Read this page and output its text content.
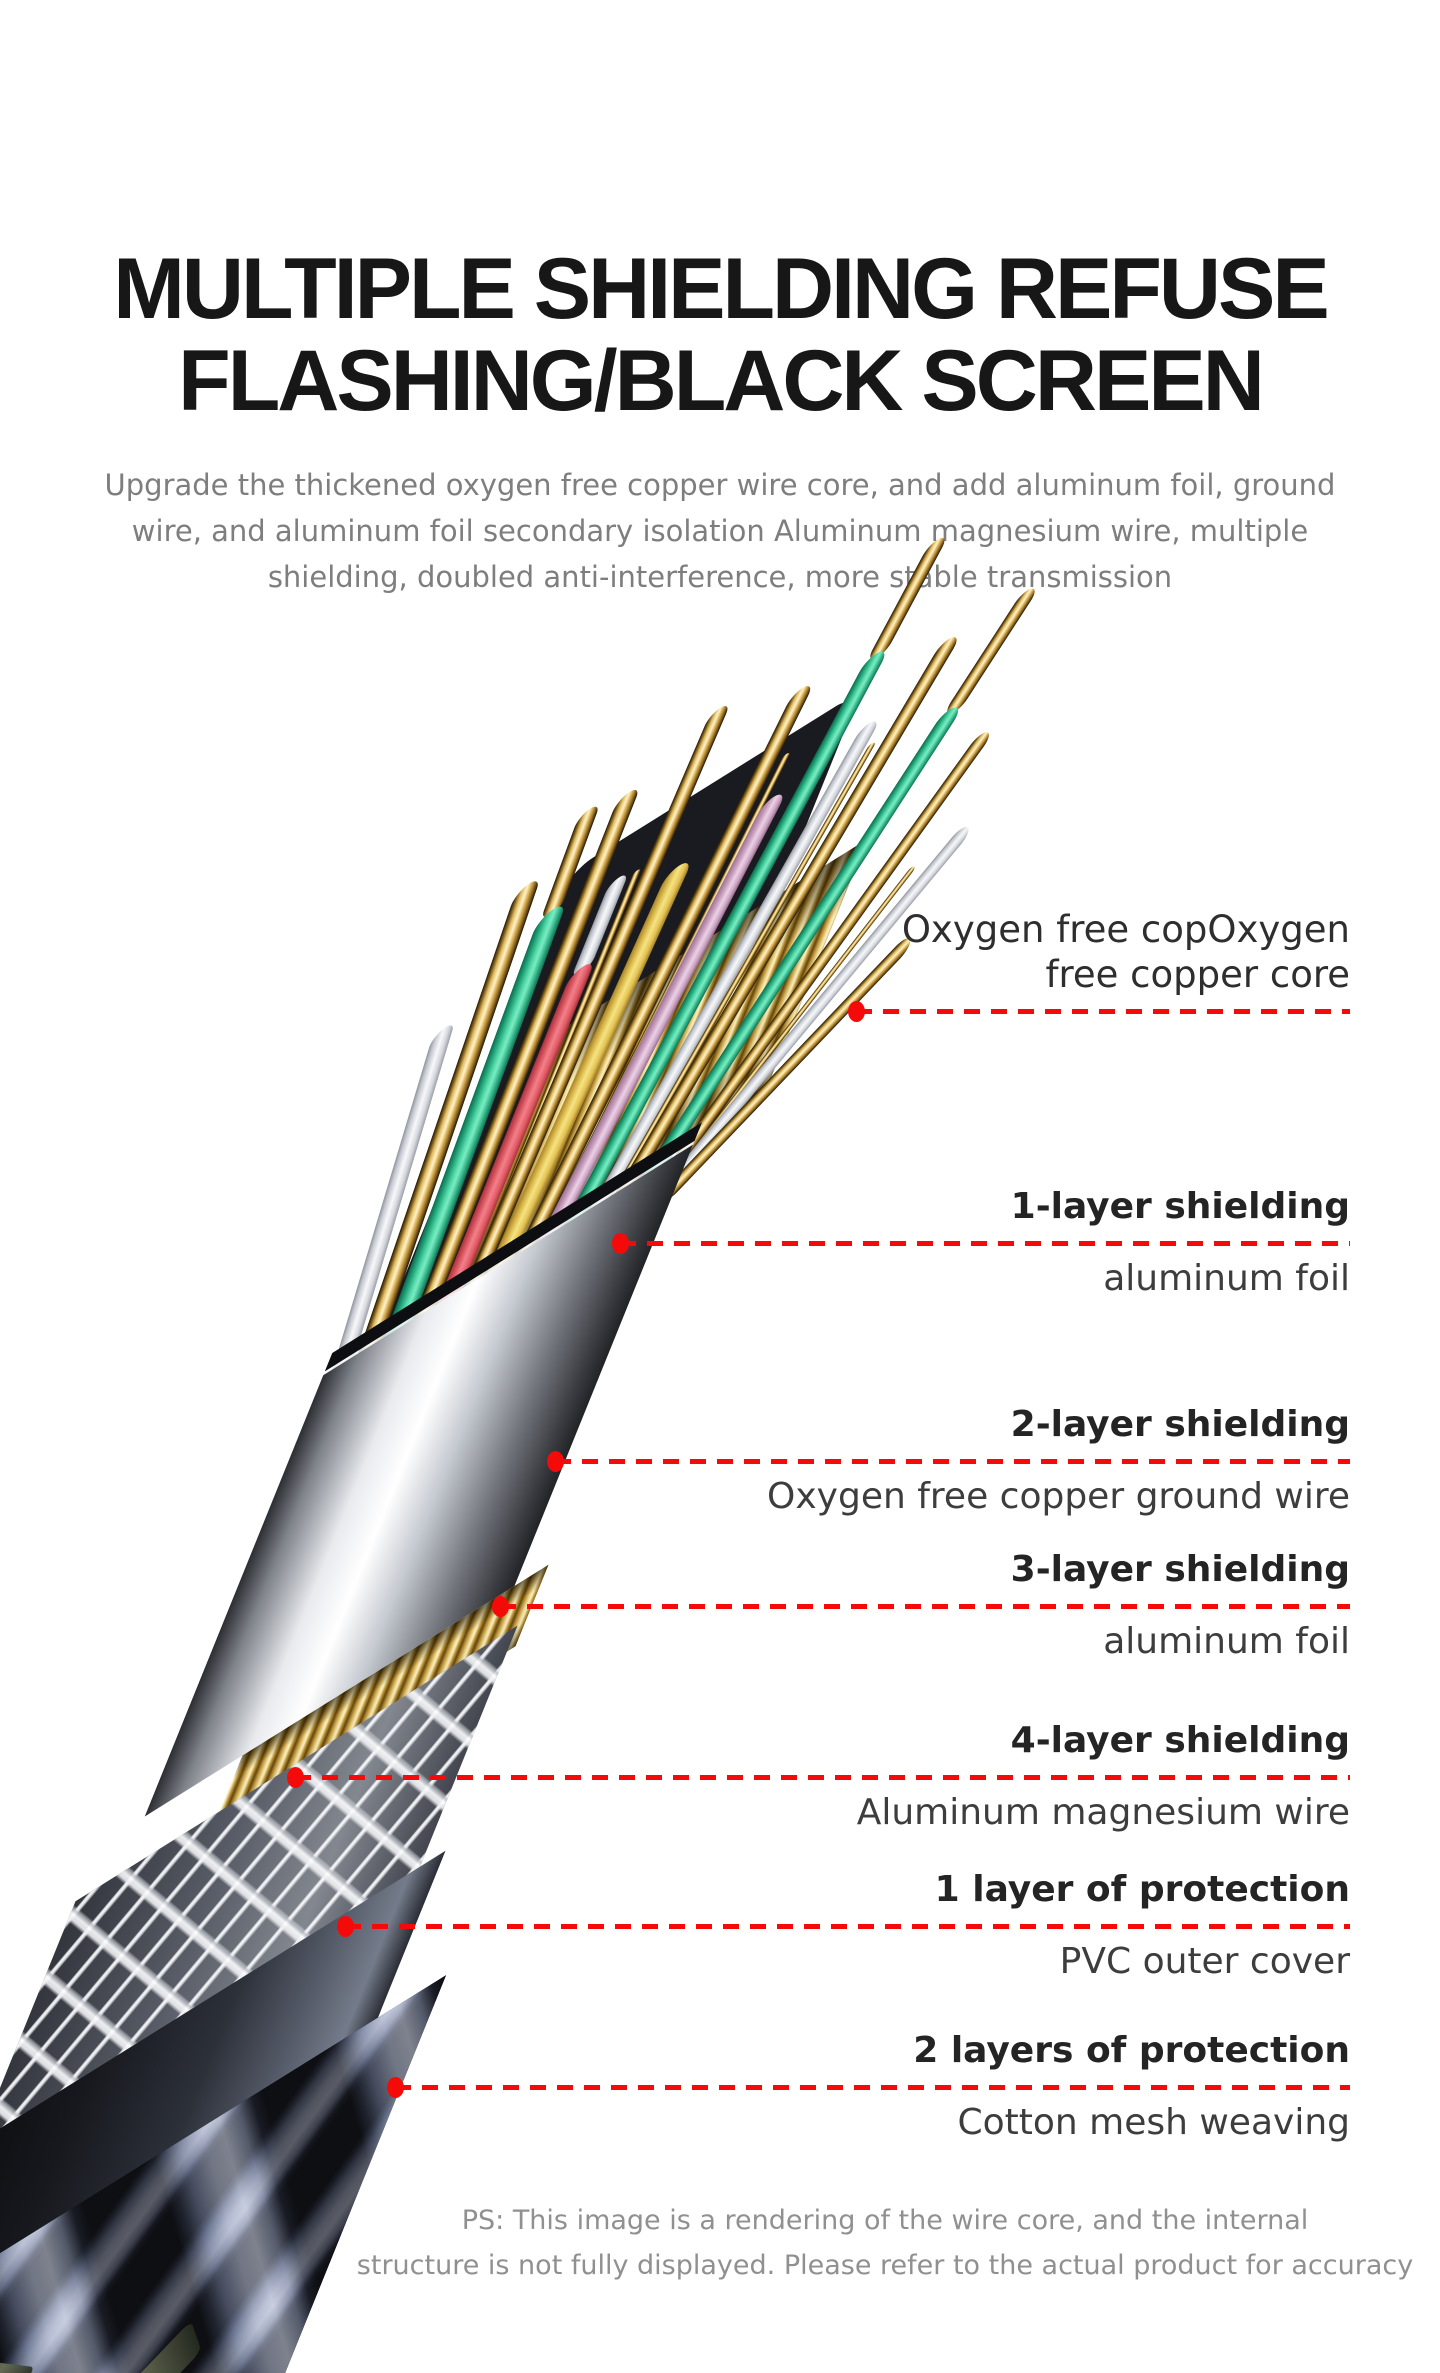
MULTIPLE SHIELDING REFUSE
FLASHING/BLACK SCREEN

Upgrade the thickened oxygen free copper wire core, and add aluminum foil, ground
wire, and aluminum foil secondary isolation Aluminum magnesium wire, multiple
shielding, doubled anti-interference, more stable transmission

Oxygen free copOxygen
free copper core
1-layer shielding
aluminum foil
2-layer shielding
Oxygen free copper ground wire
3-layer shielding
aluminum foil
4-layer shielding
Aluminum magnesium wire
1 layer of protection
PVC outer cover
2 layers of protection
Cotton mesh weaving

PS: This image is a rendering of the wire core, and the internal
structure is not fully displayed. Please refer to the actual product for accuracy
